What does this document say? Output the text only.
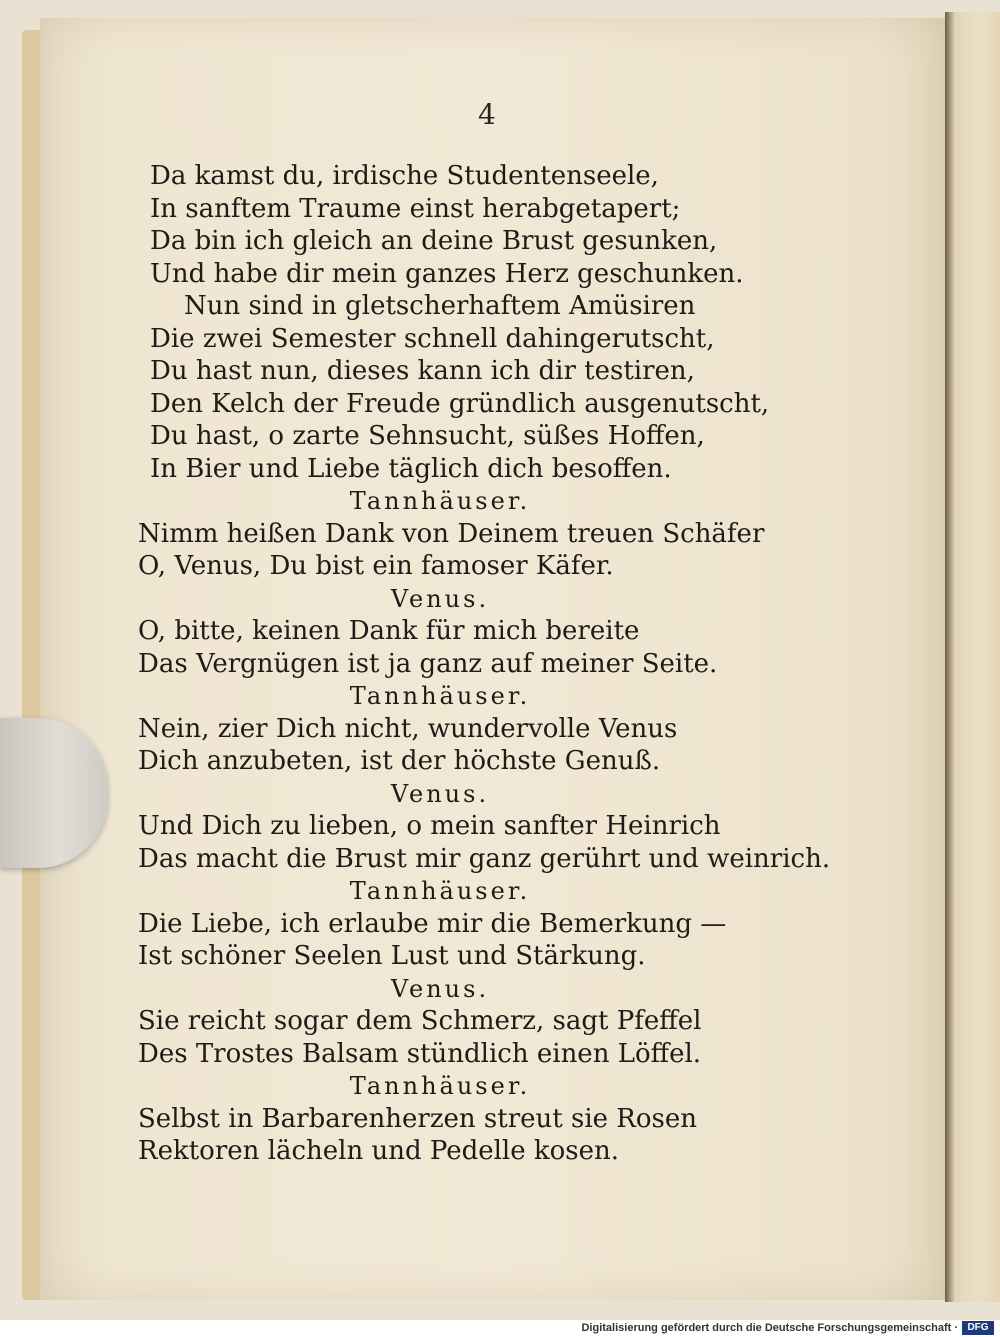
4
Da kamst du, irdische Studentenseele,
In sanftem Traume einst herabgetapert;
Da bin ich gleich an deine Brust gesunken,
Und habe dir mein ganzes Herz geschunken.
Nun sind in gletscherhaftem Amüsiren
Die zwei Semester schnell dahingerutscht,
Du hast nun, dieses kann ich dir testiren,
Den Kelch der Freude gründlich ausgenutscht,
Du hast, o zarte Sehnsucht, süßes Hoffen,
In Bier und Liebe täglich dich besoffen.
Tannhäuser.
Nimm heißen Dank von Deinem treuen Schäfer
O, Venus, Du bist ein famoser Käfer.
Venus.
O, bitte, keinen Dank für mich bereite
Das Vergnügen ist ja ganz auf meiner Seite.
Tannhäuser.
Nein, zier Dich nicht, wundervolle Venus
Dich anzubeten, ist der höchste Genuß.
Venus.
Und Dich zu lieben, o mein sanfter Heinrich
Das macht die Brust mir ganz gerührt und weinrich.
Tannhäuser.
Die Liebe, ich erlaube mir die Bemerkung —
Ist schöner Seelen Lust und Stärkung.
Venus.
Sie reicht sogar dem Schmerz, sagt Pfeffel
Des Trostes Balsam stündlich einen Löffel.
Tannhäuser.
Selbst in Barbarenherzen streut sie Rosen
Rektoren lächeln und Pedelle kosen.
Digitalisierung gefördert durch die Deutsche Forschungsgemeinschaft · DFG
